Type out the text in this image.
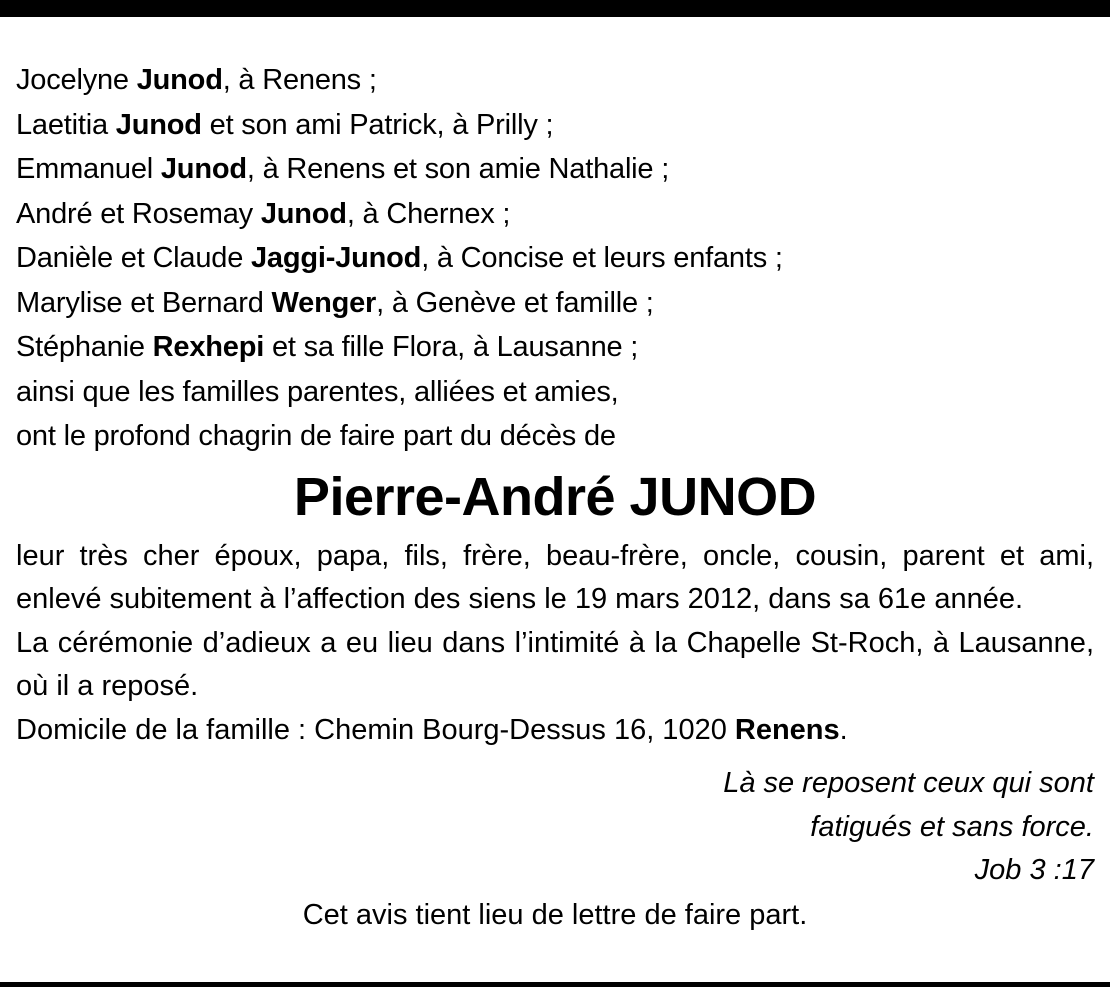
Jocelyne Junod, à Renens ;
Laetitia Junod et son ami Patrick, à Prilly ;
Emmanuel Junod, à Renens et son amie Nathalie ;
André et Rosemay Junod, à Chernex ;
Danièle et Claude Jaggi-Junod, à Concise et leurs enfants ;
Marylise et Bernard Wenger, à Genève et famille ;
Stéphanie Rexhepi et sa fille Flora, à Lausanne ;
ainsi que les familles parentes, alliées et amies,
ont le profond chagrin de faire part du décès de
Pierre-André JUNOD
leur très cher époux, papa, fils, frère, beau-frère, oncle, cousin, parent et ami, enlevé subitement à l’affection des siens le 19 mars 2012, dans sa 61e année.
La cérémonie d’adieux a eu lieu dans l’intimité à la Chapelle St-Roch, à Lausanne, où il a reposé.
Domicile de la famille : Chemin Bourg-Dessus 16, 1020 Renens.
Là se reposent ceux qui sont
fatigués et sans force.
Job 3 :17
Cet avis tient lieu de lettre de faire part.
